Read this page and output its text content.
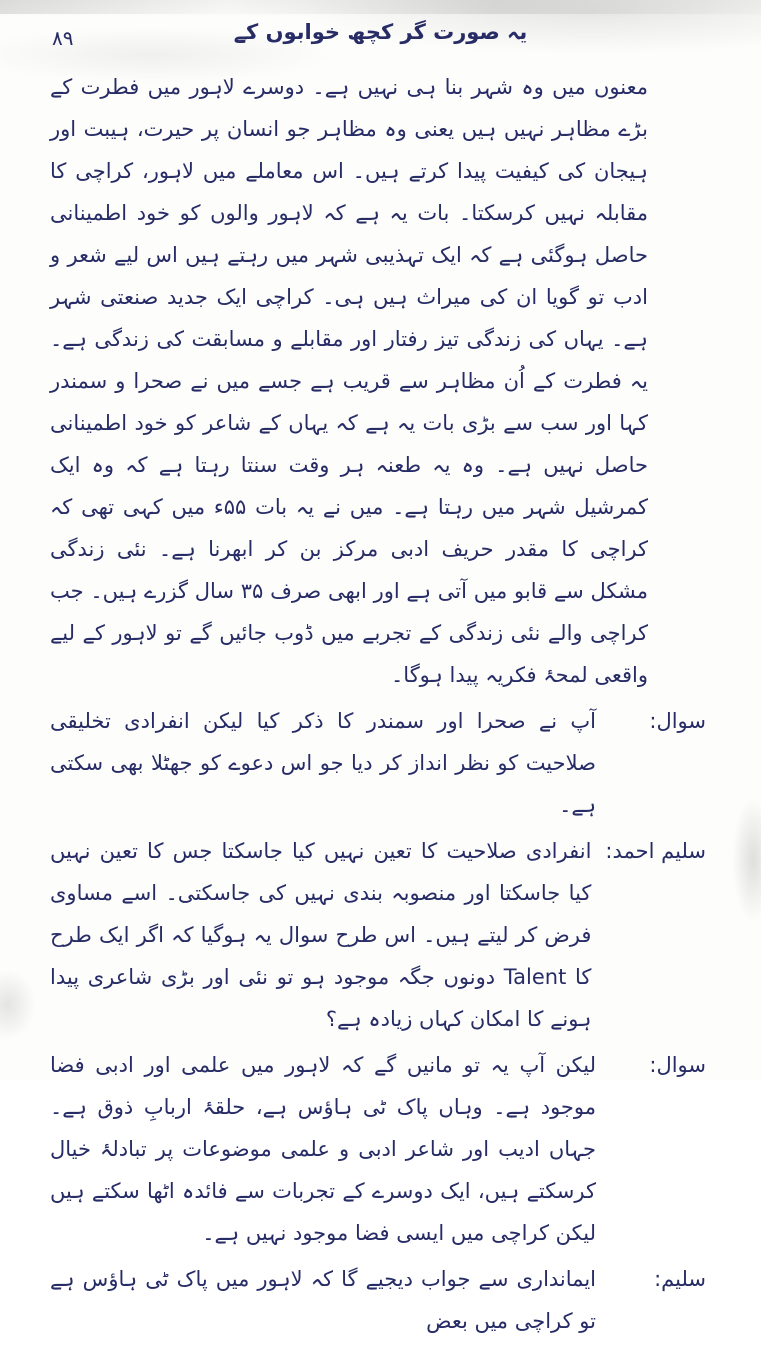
۸۹	یہ صورت گر کچھ خوابوں کے

معنوں میں وہ شہر بنا ہی نہیں ہے۔ دوسرے لاہور میں فطرت کے بڑے مظاہر نہیں ہیں یعنی وہ مظاہر جو انسان پر حیرت، ہیبت اور ہیجان کی کیفیت پیدا کرتے ہیں۔ اس معاملے میں لاہور، کراچی کا مقابلہ نہیں کرسکتا۔ بات یہ ہے کہ لاہور والوں کو خود اطمینانی حاصل ہوگئی ہے کہ ایک تہذیبی شہر میں رہتے ہیں اس لیے شعر و ادب تو گویا ان کی میراث ہیں ہی۔ کراچی ایک جدید صنعتی شہر ہے۔ یہاں کی زندگی تیز رفتار اور مقابلے و مسابقت کی زندگی ہے۔ یہ فطرت کے اُن مظاہر سے قریب ہے جسے میں نے صحرا و سمندر کہا اور سب سے بڑی بات یہ ہے کہ یہاں کے شاعر کو خود اطمینانی حاصل نہیں ہے۔ وہ یہ طعنہ ہر وقت سنتا رہتا ہے کہ وہ ایک کمرشیل شہر میں رہتا ہے۔ میں نے یہ بات ۵۵ء میں کہی تھی کہ کراچی کا مقدر حریف ادبی مرکز بن کر ابھرنا ہے۔ نئی زندگی مشکل سے قابو میں آتی ہے اور ابھی صرف ۳۵ سال گزرے ہیں۔ جب کراچی والے نئی زندگی کے تجربے میں ڈوب جائیں گے تو لاہور کے لیے واقعی لمحۂ فکریہ پیدا ہوگا۔

سوال:

آپ نے صحرا اور سمندر کا ذکر کیا لیکن انفرادی تخلیقی صلاحیت کو نظر انداز کر دیا جو اس دعوے کو جھٹلا بھی سکتی ہے۔

سلیم احمد:

انفرادی صلاحیت کا تعین نہیں کیا جاسکتا جس کا تعین نہیں کیا جاسکتا اور منصوبہ بندی نہیں کی جاسکتی۔ اسے مساوی فرض کر لیتے ہیں۔ اس طرح سوال یہ ہوگیا کہ اگر ایک طرح کا Talent دونوں جگہ موجود ہو تو نئی اور بڑی شاعری پیدا ہونے کا امکان کہاں زیادہ ہے؟

سوال:

لیکن آپ یہ تو مانیں گے کہ لاہور میں علمی اور ادبی فضا موجود ہے۔ وہاں پاک ٹی ہاؤس ہے، حلقۂ اربابِ ذوق ہے۔ جہاں ادیب اور شاعر ادبی و علمی موضوعات پر تبادلۂ خیال کرسکتے ہیں، ایک دوسرے کے تجربات سے فائدہ اٹھا سکتے ہیں لیکن کراچی میں ایسی فضا موجود نہیں ہے۔

سلیم:

ایمانداری سے جواب دیجیے گا کہ لاہور میں پاک ٹی ہاؤس ہے تو کراچی میں بعض
